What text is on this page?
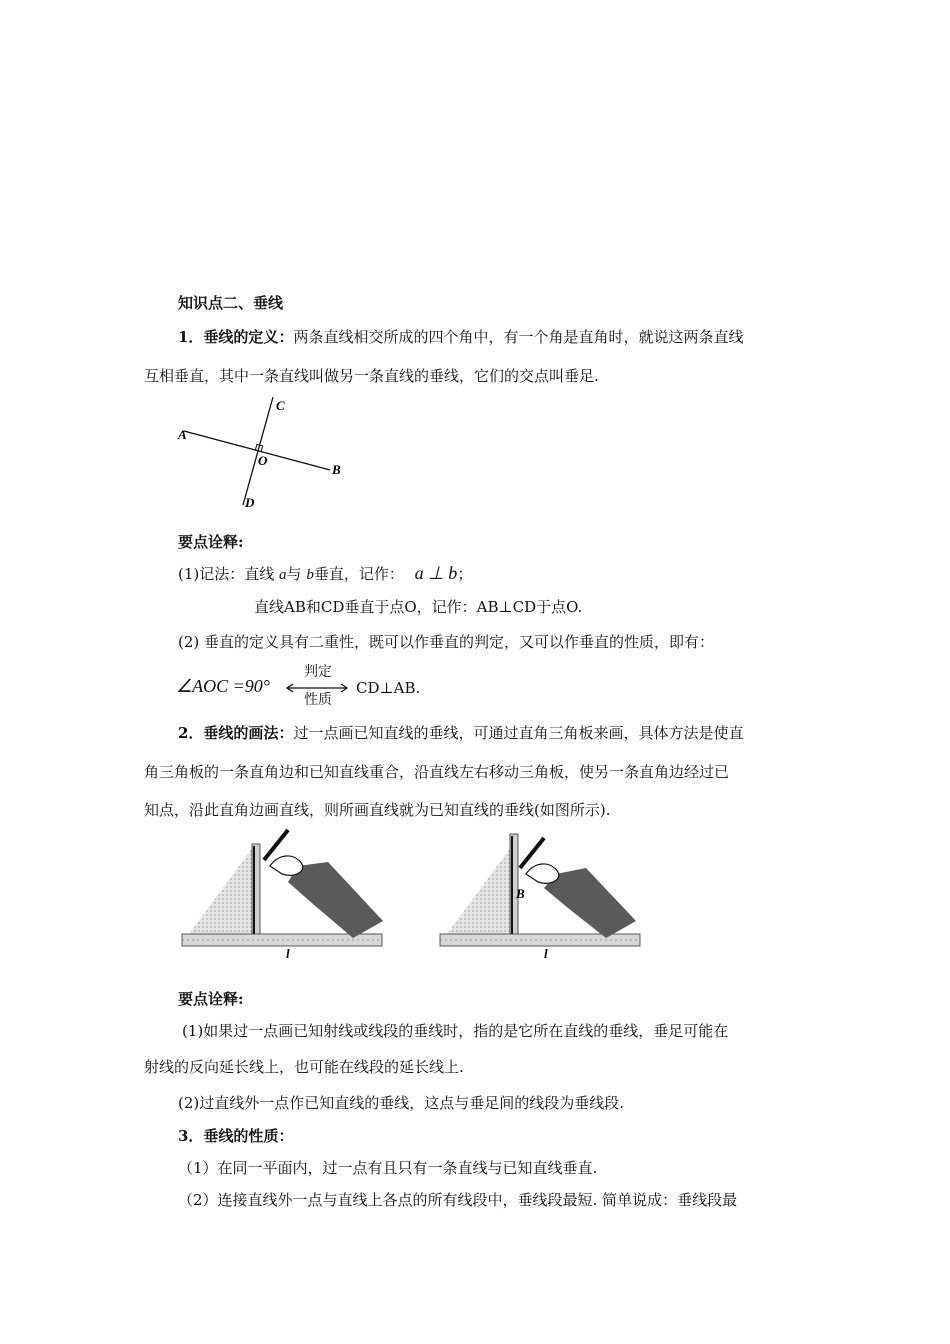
知识点二、垂线
1．垂线的定义：两条直线相交所成的四个角中，有一个角是直角时，就说这两条直线
互相垂直，其中一条直线叫做另一条直线的垂线，它们的交点叫垂足.
A
B
C
D
O
要点诠释:
(1)记法：直线 a与 b垂直，记作： a ⊥ b；
直线AB和CD垂直于点O，记作：AB⊥CD于点O.
(2) 垂直的定义具有二重性，既可以作垂直的判定，又可以作垂直的性质，即有：
∠AOC =90°
判定
性质
CD⊥AB.
2．垂线的画法：过一点画已知直线的垂线，可通过直角三角板来画，具体方法是使直
角三角板的一条直角边和已知直线重合，沿直线左右移动三角板，使另一条直角边经过已
知点，沿此直角边画直线，则所画直线就为已知直线的垂线(如图所示).
l
B
l
要点诠释:
(1)如果过一点画已知射线或线段的垂线时，指的是它所在直线的垂线，垂足可能在
射线的反向延长线上，也可能在线段的延长线上.
(2)过直线外一点作已知直线的垂线，这点与垂足间的线段为垂线段.
3．垂线的性质：
（1）在同一平面内，过一点有且只有一条直线与已知直线垂直.
（2）连接直线外一点与直线上各点的所有线段中，垂线段最短. 简单说成：垂线段最
